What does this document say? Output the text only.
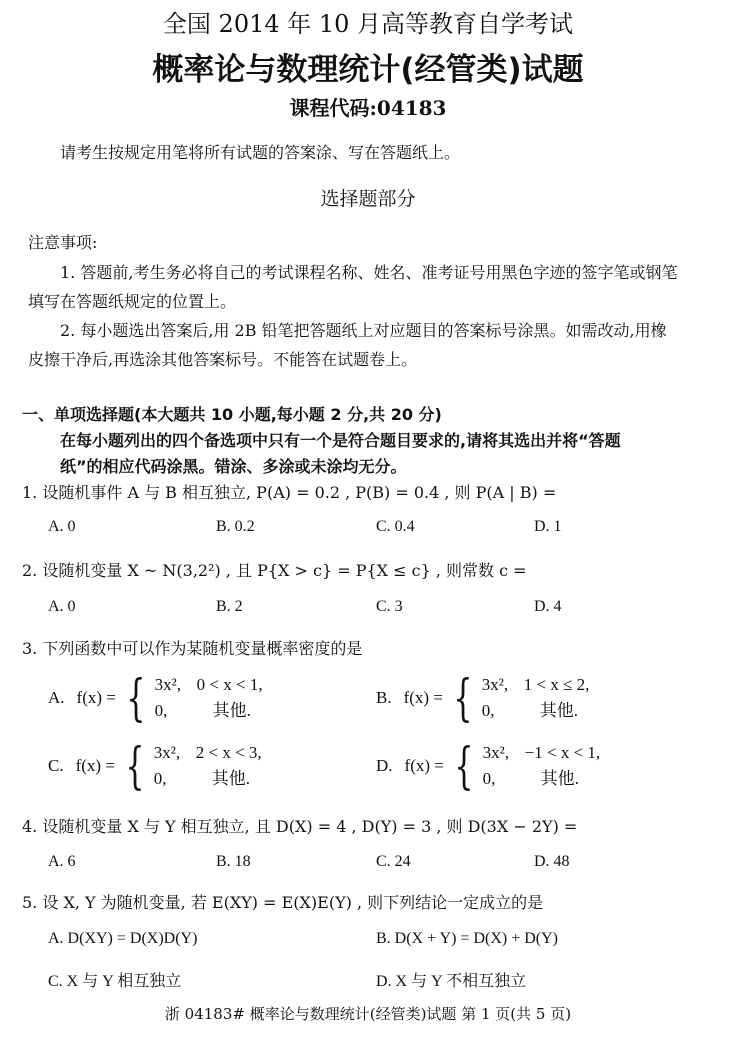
全国 2014 年 10 月高等教育自学考试
概率论与数理统计(经管类)试题
课程代码:04183
请考生按规定用笔将所有试题的答案涂、写在答题纸上。
选择题部分
注意事项:
1. 答题前,考生务必将自己的考试课程名称、姓名、准考证号用黑色字迹的签字笔或钢笔
填写在答题纸规定的位置上。
2. 每小题选出答案后,用 2B 铅笔把答题纸上对应题目的答案标号涂黑。如需改动,用橡
皮擦干净后,再选涂其他答案标号。不能答在试题卷上。
一、单项选择题(本大题共 10 小题,每小题 2 分,共 20 分)
在每小题列出的四个备选项中只有一个是符合题目要求的,请将其选出并将“答题
纸”的相应代码涂黑。错涂、多涂或未涂均无分。
1. 设随机事件 A 与 B 相互独立, P(A) = 0.2 , P(B) = 0.4 , 则 P(A | B) =
A. 0	B. 0.2	C. 0.4	D. 1
2. 设随机变量 X ~ N(3,2²) , 且 P{X > c} = P{X ≤ c} , 则常数 c =
A. 0	B. 2	C. 3	D. 4
3. 下列函数中可以作为某随机变量概率密度的是
A. f(x) = { 3x², 0 < x < 1,
0,	其他.
B. f(x) = { 3x², 1 < x ≤ 2,
0,	其他.
C. f(x) = { 3x², 2 < x < 3,
0,	其他.
D. f(x) = { 3x², −1 < x < 1,
0,	其他.
4. 设随机变量 X 与 Y 相互独立, 且 D(X) = 4 , D(Y) = 3 , 则 D(3X − 2Y) =
A. 6	B. 18	C. 24	D. 48
5. 设 X, Y 为随机变量, 若 E(XY) = E(X)E(Y) , 则下列结论一定成立的是
A. D(XY) = D(X)D(Y)	B. D(X + Y) = D(X) + D(Y)
C. X 与 Y 相互独立	D. X 与 Y 不相互独立
浙 04183# 概率论与数理统计(经管类)试题 第 1 页(共 5 页)
